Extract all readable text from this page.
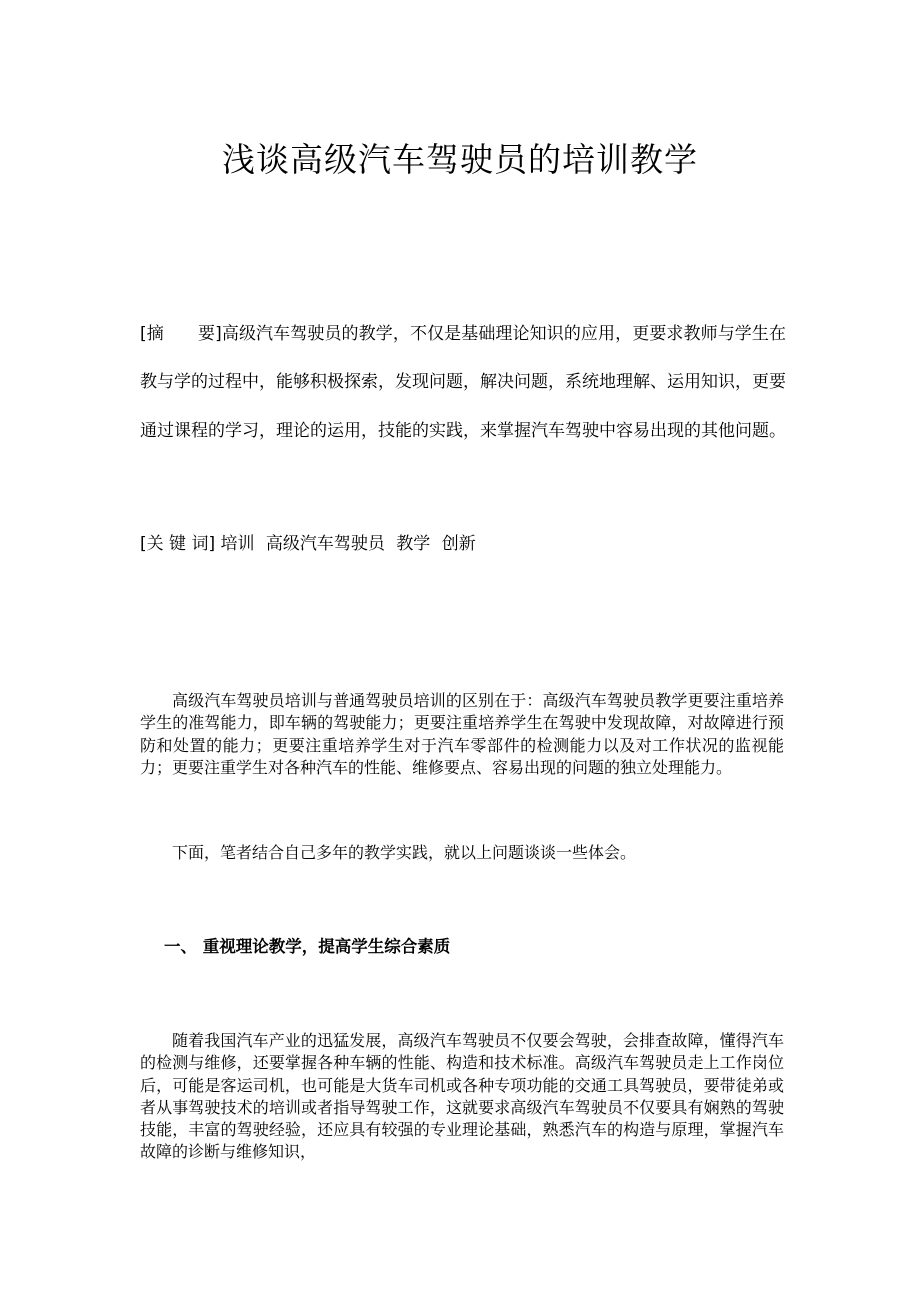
浅谈高级汽车驾驶员的培训教学
[摘　　要]高级汽车驾驶员的教学，不仅是基础理论知识的应用，更要求教师与学生在教与学的过程中，能够积极探索，发现问题，解决问题，系统地理解、运用知识，更要通过课程的学习，理论的运用，技能的实践，来掌握汽车驾驶中容易出现的其他问题。
[关 键 词] 培训 高级汽车驾驶员 教学 创新
高级汽车驾驶员培训与普通驾驶员培训的区别在于：高级汽车驾驶员教学更要注重培养学生的准驾能力，即车辆的驾驶能力；更要注重培养学生在驾驶中发现故障，对故障进行预防和处置的能力；更要注重培养学生对于汽车零部件的检测能力以及对工作状况的监视能力；更要注重学生对各种汽车的性能、维修要点、容易出现的问题的独立处理能力。
下面，笔者结合自己多年的教学实践，就以上问题谈谈一些体会。
一、 重视理论教学，提高学生综合素质
随着我国汽车产业的迅猛发展，高级汽车驾驶员不仅要会驾驶，会排查故障，懂得汽车的检测与维修，还要掌握各种车辆的性能、构造和技术标准。高级汽车驾驶员走上工作岗位后，可能是客运司机，也可能是大货车司机或各种专项功能的交通工具驾驶员，要带徒弟或者从事驾驶技术的培训或者指导驾驶工作，这就要求高级汽车驾驶员不仅要具有娴熟的驾驶技能，丰富的驾驶经验，还应具有较强的专业理论基础，熟悉汽车的构造与原理，掌握汽车故障的诊断与维修知识，
